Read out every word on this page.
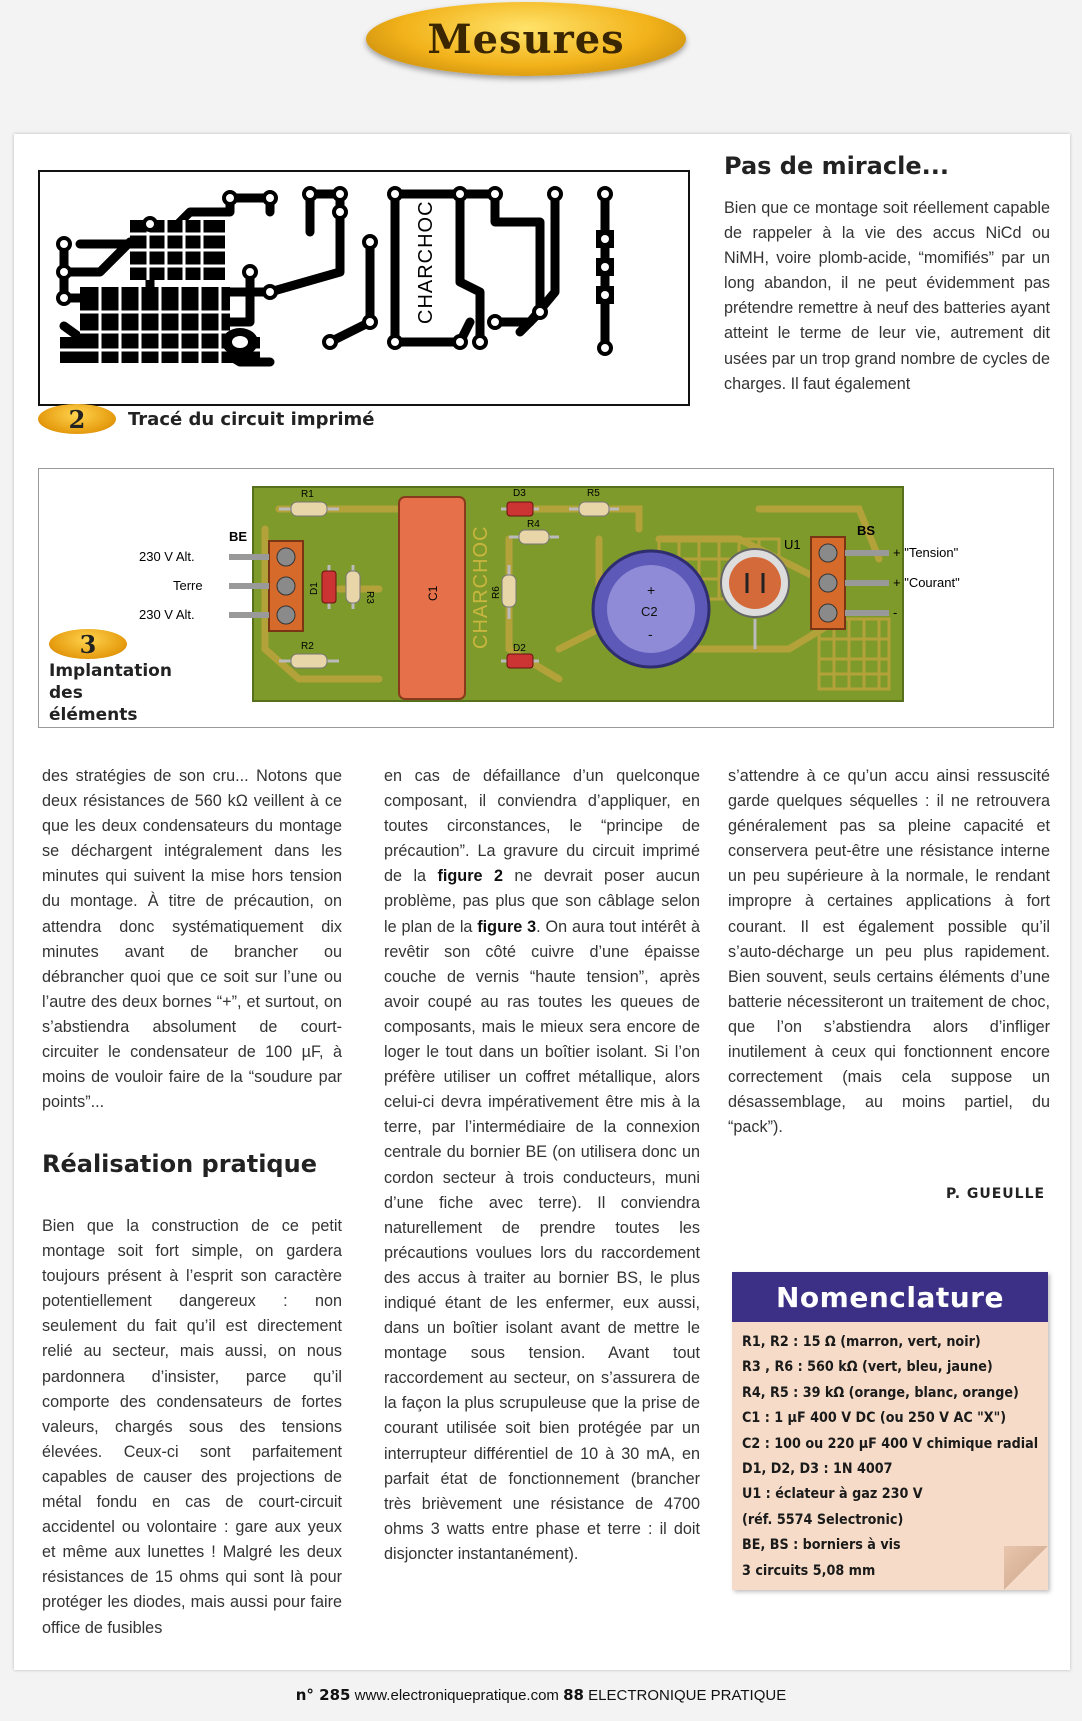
Mesures
CHARCHOC
2	Tracé du circuit imprimé
Pas de miracle...

Bien que ce montage soit réellement capable de rappeler à la vie des accus NiCd ou NiMH, voire plomb-acide, “momifiés” par un long abandon, il ne peut évidemment pas prétendre remettre à neuf des batteries ayant atteint le terme de leur vie, autrement dit usées par un trop grand nombre de cycles de charges. Il faut également

BE	BS
230 V Alt.
Terre
230 V Alt.
+ "Tension"
+ "Courant"
-
R1
R2
R3
D1
D3	R5
R4
R6
D2
C1
C2
+
-
U1
CHARCHOC
3
Implantation
des
éléments

des stratégies de son cru... Notons que deux résistances de 560 kΩ veillent à ce que les deux condensateurs du montage se déchargent intégralement dans les minutes qui suivent la mise hors tension du montage. À titre de précaution, on attendra donc systématiquement dix minutes avant de brancher ou débrancher quoi que ce soit sur l’une ou l’autre des deux bornes “+”, et surtout, on s’abstiendra absolument de court-circuiter le condensateur de 100 µF, à moins de vouloir faire de la “soudure par points”...

Réalisation pratique

Bien que la construction de ce petit montage soit fort simple, on gardera toujours présent à l’esprit son caractère potentiellement dangereux : non seulement du fait qu’il est directement relié au secteur, mais aussi, on nous pardonnera d’insister, parce qu’il comporte des condensateurs de fortes valeurs, chargés sous des tensions élevées. Ceux-ci sont parfaitement capables de causer des projections de métal fondu en cas de court-circuit accidentel ou volontaire : gare aux yeux et même aux lunettes ! Malgré les deux résistances de 15 ohms qui sont là pour protéger les diodes, mais aussi pour faire office de fusibles

en cas de défaillance d’un quelconque composant, il conviendra d’appliquer, en toutes circonstances, le “principe de précaution”. La gravure du circuit imprimé de la figure 2 ne devrait poser aucun problème, pas plus que son câblage selon le plan de la figure 3. On aura tout intérêt à revêtir son côté cuivre d’une épaisse couche de vernis “haute tension”, après avoir coupé au ras toutes les queues de composants, mais le mieux sera encore de loger le tout dans un boîtier isolant. Si l’on préfère utiliser un coffret métallique, alors celui-ci devra impérativement être mis à la terre, par l’intermédiaire de la connexion centrale du bornier BE (on utilisera donc un cordon secteur à trois conducteurs, muni d’une fiche avec terre). Il conviendra naturellement de prendre toutes les précautions voulues lors du raccordement des accus à traiter au bornier BS, le plus indiqué étant de les enfermer, eux aussi, dans un boîtier isolant avant de mettre le montage sous tension. Avant tout raccordement au secteur, on s’assurera de la façon la plus scrupuleuse que la prise de courant utilisée soit bien protégée par un interrupteur différentiel de 10 à 30 mA, en parfait état de fonctionnement (brancher très brièvement une résistance de 4700 ohms 3 watts entre phase et terre : il doit disjoncter instantanément).

s’attendre à ce qu’un accu ainsi ressuscité garde quelques séquelles : il ne retrouvera généralement pas sa pleine capacité et conservera peut-être une résistance interne un peu supérieure à la normale, le rendant impropre à certaines applications à fort courant. Il est également possible qu’il s’auto-décharge un peu plus rapidement. Bien souvent, seuls certains éléments d’une batterie nécessiteront un traitement de choc, que l’on s’abstiendra alors d’infliger inutilement à ceux qui fonctionnent encore correctement (mais cela suppose un désassemblage, au moins partiel, du “pack”).

P. GUEULLE
Nomenclature
R1, R2 : 15 Ω (marron, vert, noir)
R3 , R6 : 560 kΩ (vert, bleu, jaune)
R4, R5 : 39 kΩ (orange, blanc, orange)
C1 : 1 µF 400 V DC (ou 250 V AC "X")
C2 : 100 ou 220 µF 400 V chimique radial
D1, D2, D3 : 1N 4007
U1 : éclateur à gaz 230 V
(réf. 5574 Selectronic)
BE, BS : borniers à vis
3 circuits 5,08 mm
n° 285 www.electroniquepratique.com 88 ELECTRONIQUE PRATIQUE
